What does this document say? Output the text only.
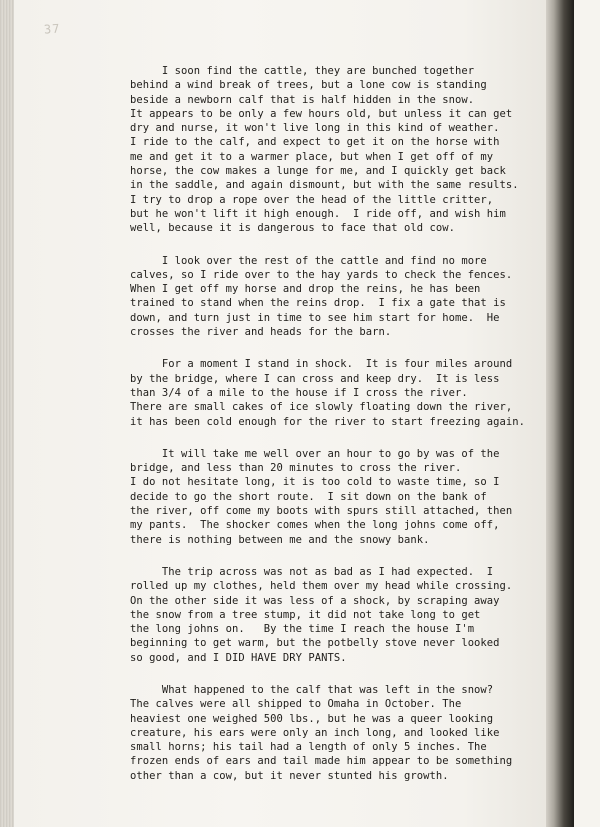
37
I soon find the cattle, they are bunched together
behind a wind break of trees, but a lone cow is standing
beside a newborn calf that is half hidden in the snow.
It appears to be only a few hours old, but unless it can get
dry and nurse, it won't live long in this kind of weather.
I ride to the calf, and expect to get it on the horse with
me and get it to a warmer place, but when I get off of my
horse, the cow makes a lunge for me, and I quickly get back
in the saddle, and again dismount, but with the same results.
I try to drop a rope over the head of the little critter,
but he won't lift it high enough.  I ride off, and wish him
well, because it is dangerous to face that old cow.
I look over the rest of the cattle and find no more
calves, so I ride over to the hay yards to check the fences.
When I get off my horse and drop the reins, he has been
trained to stand when the reins drop.  I fix a gate that is
down, and turn just in time to see him start for home.  He
crosses the river and heads for the barn.
For a moment I stand in shock.  It is four miles around
by the bridge, where I can cross and keep dry.  It is less
than 3/4 of a mile to the house if I cross the river.
There are small cakes of ice slowly floating down the river,
it has been cold enough for the river to start freezing again.
It will take me well over an hour to go by was of the
bridge, and less than 20 minutes to cross the river.
I do not hesitate long, it is too cold to waste time, so I
decide to go the short route.  I sit down on the bank of
the river, off come my boots with spurs still attached, then
my pants.  The shocker comes when the long johns come off,
there is nothing between me and the snowy bank.
The trip across was not as bad as I had expected.  I
rolled up my clothes, held them over my head while crossing.
On the other side it was less of a shock, by scraping away
the snow from a tree stump, it did not take long to get
the long johns on.   By the time I reach the house I'm
beginning to get warm, but the potbelly stove never looked
so good, and I DID HAVE DRY PANTS.
What happened to the calf that was left in the snow?
The calves were all shipped to Omaha in October. The
heaviest one weighed 500 lbs., but he was a queer looking
creature, his ears were only an inch long, and looked like
small horns; his tail had a length of only 5 inches. The
frozen ends of ears and tail made him appear to be something
other than a cow, but it never stunted his growth.
